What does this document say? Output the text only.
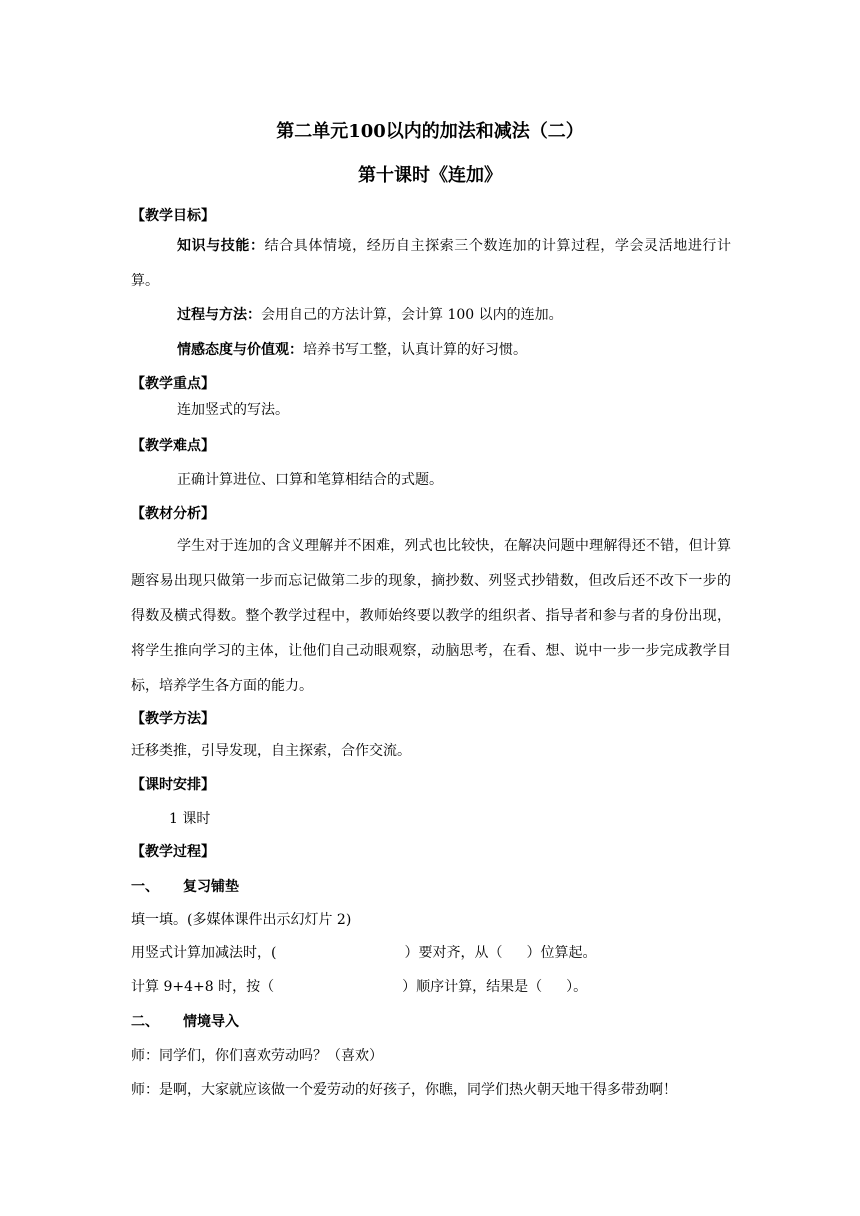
第二单元100以内的加法和减法（二）
第十课时《连加》
【教学目标】
知识与技能：结合具体情境，经历自主探索三个数连加的计算过程，学会灵活地进行计算。
过程与方法：会用自己的方法计算，会计算 100 以内的连加。
情感态度与价值观：培养书写工整，认真计算的好习惯。
【教学重点】
连加竖式的写法。
【教学难点】
正确计算进位、口算和笔算相结合的式题。
【教材分析】
学生对于连加的含义理解并不困难，列式也比较快，在解决问题中理解得还不错，但计算题容易出现只做第一步而忘记做第二步的现象，摘抄数、列竖式抄错数，但改后还不改下一步的得数及横式得数。整个教学过程中，教师始终要以教学的组织者、指导者和参与者的身份出现，将学生推向学习的主体，让他们自己动眼观察，动脑思考，在看、想、说中一步一步完成教学目标，培养学生各方面的能力。
【教学方法】
迁移类推，引导发现，自主探索，合作交流。
【课时安排】
1 课时
【教学过程】
一、 复习铺垫
填一填。(多媒体课件出示幻灯片 2)
用竖式计算加减法时，(	）要对齐，从（ ）位算起。
计算 9+4+8 时，按（	）顺序计算，结果是（ ）。
二、 情境导入
师：同学们，你们喜欢劳动吗？（喜欢）
师：是啊，大家就应该做一个爱劳动的好孩子，你瞧，同学们热火朝天地干得多带劲啊！
